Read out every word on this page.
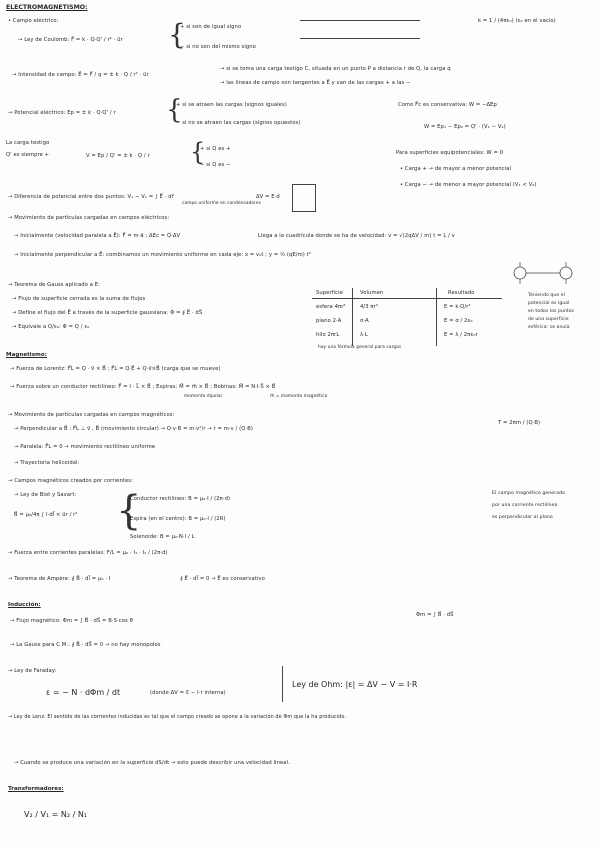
ELECTROMAGNETISMO:
• Campo eléctrico:
→ Ley de Coulomb: F⃗ = k · Q·Q' / r² · u⃗r {
+ si son de igual signo
− si no son del mismo signo
k = 1 / (4πε₀) (ε₀ en el vacío)
→ Intensidad de campo: E⃗ = F⃗ / q = ± k · Q / r² · u⃗r
→ si se toma una carga testigo C, situada en un punto P a distancia r de Q, la carga q
→ las líneas de campo son tangentes a E⃗ y van de las cargas + a las −
→ Potencial eléctrico: Ep = ± k · Q·Q' / r {
+ si se atraen las cargas (signos iguales)
− si no se atraen las cargas (signos opuestos)
Como F⃗c es conservativa: W = −ΔEp
W = Ep₁ − Ep₂ = Q' · (V₁ − V₂)
La carga testigo
Q' es siempre +	V = Ep / Q' = ± k · Q / r {
+ si Q es +
− si Q es −
Para superficies equipotenciales: W = 0
• Carga + → de mayor a menor potencial
• Carga − → de menor a mayor potencial (V₁ < V₂)
→ Diferencia de potencial entre dos puntos: V₁ − V₂ = ∫ E⃗ · dr⃗
campo uniforme en condensadores
ΔV = E·d
→ Movimiento de partículas cargadas en campos eléctricos:
→ Inicialmente (velocidad paralela a E⃗): F⃗ = m·a⃗ ; ΔEc = Q·ΔV	Llega a la cuadrícula donde se ha de velocidad: v = √(2qΔV / m) t = L / v
→ Inicialmente perpendicular a E⃗: combinamos un movimiento uniforme en cada eje: x = v₀t ; y = ½ (qE/m) t²
→ Teorema de Gauss aplicado a E:
→ Flujo de superficie cerrada es la suma de flujos
→ Define el flujo del E⃗ a través de la superficie gaussiana: Φ = ∮ E⃗ · dS⃗
→ Equivale a Q/ε₀: Φ = Q / ε₀
Superficie	Volumen	Resultado
esfera 4πr²	4/3 πr³	E = k·Q/r²
plano 2·A	σ·A	E = σ / 2ε₀
hilo 2πrL	λ·L	E = λ / 2πε₀r
hay una fórmula general para cargas
Teniendo que el
potencial es igual
en todos los puntos
de una superficie
esférica: se anula
Magnetismo:
→ Fuerza de Lorentz: F⃗L = Q · v⃗ × B⃗ ; F⃗L = Q·E⃗ + Q·v⃗×B⃗ (carga que se mueve)
→ Fuerza sobre un conductor rectilíneo: F⃗ = I · L⃗ × B⃗ ; Espiras: M⃗ = m⃗ × B⃗ ; Bobinas: M⃗ = N·I·S⃗ × B⃗
momento dipolar	m⃗ = momento magnético
→ Movimiento de partículas cargadas en campos magnéticos:
→ Perpendicular a B⃗ : F⃗L ⊥ v⃗ , B⃗ (movimiento circular) → Q·v·B = m·v²/r → r = m·v / (Q·B)
T = 2πm / (Q·B)
→ Paralela: F⃗L = 0 → movimiento rectilíneo uniforme
→ Trayectoria helicoidal:
→ Campos magnéticos creados por corrientes:
→ Ley de Biot y Savart:
B⃗ = μ₀/4π ∫ I·dl⃗ × u⃗r / r² {
Conductor rectilíneo: B = μ₀·I / (2π·d)
Espira (en el centro): B = μ₀·I / (2R)
Solenoide: B = μ₀·N·I / L
El campo magnético generado
por una corriente rectilínea
es perpendicular al plano
→ Fuerza entre corrientes paralelas: F/L = μ₀ · I₁ · I₂ / (2π·d)
→ Teorema de Ampère: ∮ B⃗ · dl⃗ = μ₀ · I	∮ E⃗ · dl⃗ = 0 → E⃗ es conservativo
Inducción:
→ Flujo magnético: Φm = ∫ B⃗ · dS⃗ = B·S·cos θ
Φm = ∫ B⃗ · dS⃗
→ La Gauss para C.M.: ∮ B⃗ · dS⃗ = 0 → no hay monopolos
→ Ley de Faraday:
ε = − N · dΦm / dt	(donde ΔV = Ɛ − I·r interna)
Ley de Ohm: |ε| = ΔV − V = I·R
→ Ley de Lenz: El sentido de las corrientes inducidas es tal que el campo creado se opone a la variación de Φm que la ha producido.
→ Cuando se produce una variación en la superficie dS/dt → esto puede describir una velocidad lineal.
Transformadores:
V₂ / V₁ = N₂ / N₁
